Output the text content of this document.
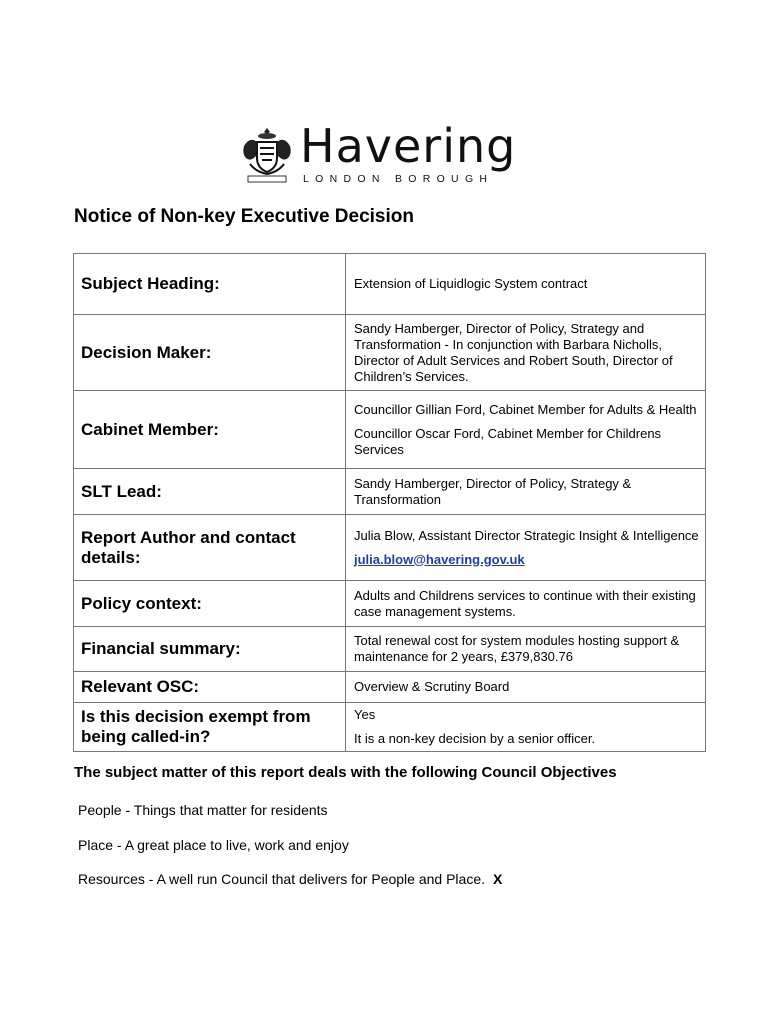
Havering
LONDON BOROUGH
Notice of Non-key Executive Decision
Subject Heading:	Extension of Liquidlogic System contract
Decision Maker:	Sandy Hamberger, Director of Policy, Strategy and Transformation - In conjunction with Barbara Nicholls, Director of Adult Services and Robert South, Director of Children’s Services.
Cabinet Member:	Councillor Gillian Ford, Cabinet Member for Adults & Health
Councillor Oscar Ford, Cabinet Member for Childrens Services

SLT Lead:	Sandy Hamberger, Director of Policy, Strategy & Transformation
Report Author and contact details:	Julia Blow, Assistant Director Strategic Insight & Intelligence
julia.blow@havering.gov.uk

Policy context:	Adults and Childrens services to continue with their existing case management systems.
Financial summary:	Total renewal cost for system modules hosting support & maintenance for 2 years, £379,830.76
Relevant OSC:	Overview & Scrutiny Board
Is this decision exempt from being called-in?	Yes
It is a non-key decision by a senior officer.
The subject matter of this report deals with the following Council Objectives

People - Things that matter for residents

Place - A great place to live, work and enjoy

Resources - A well run Council that delivers for People and Place. X
